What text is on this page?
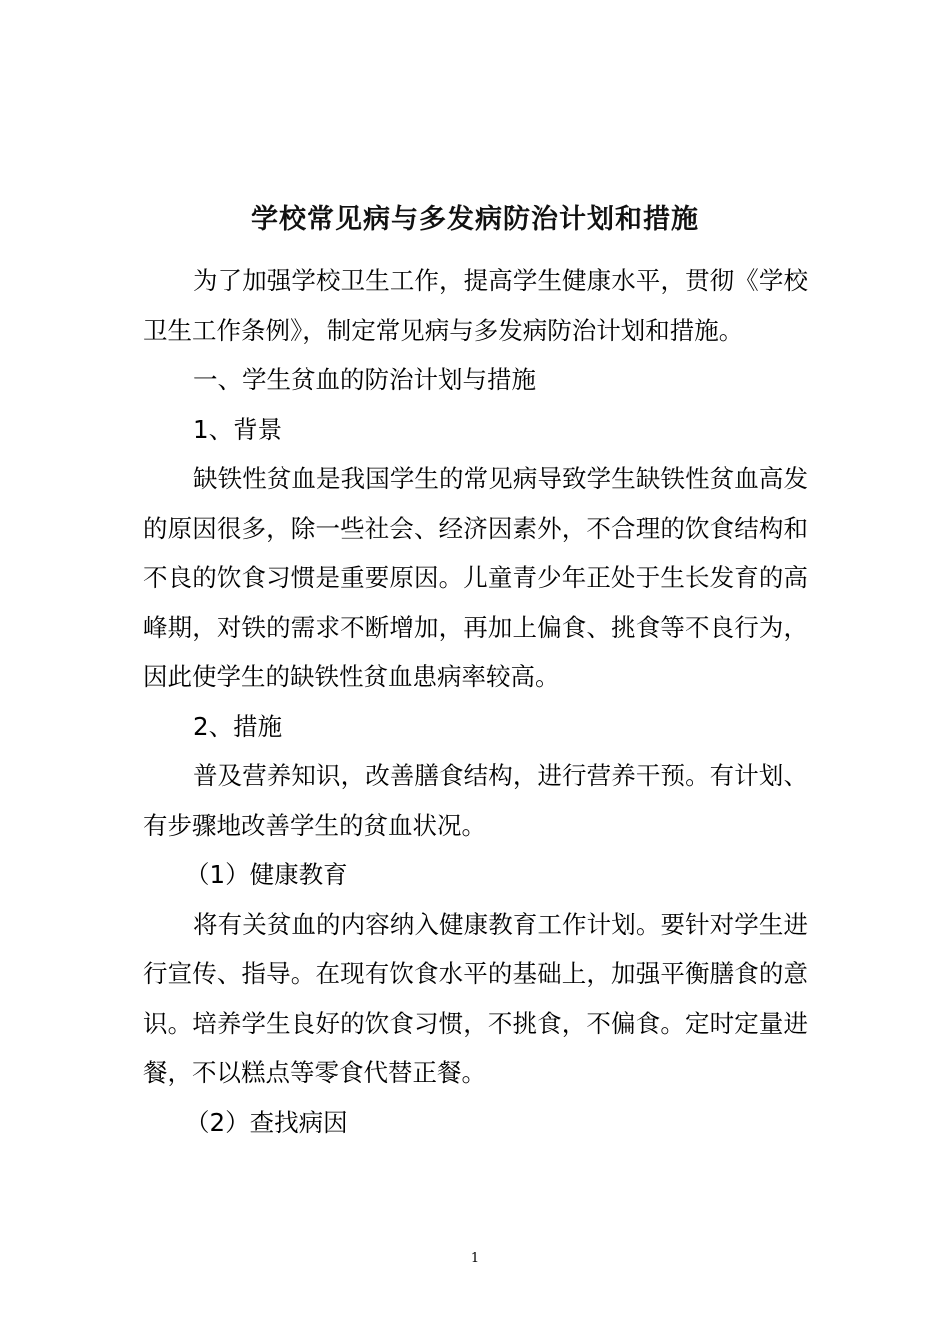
学校常见病与多发病防治计划和措施

为了加强学校卫生工作，提高学生健康水平，贯彻《学校卫生工作条例》，制定常见病与多发病防治计划和措施。

一、学生贫血的防治计划与措施

1、背景

缺铁性贫血是我国学生的常见病导致学生缺铁性贫血高发的原因很多，除一些社会、经济因素外，不合理的饮食结构和不良的饮食习惯是重要原因。儿童青少年正处于生长发育的高峰期，对铁的需求不断增加，再加上偏食、挑食等不良行为，因此使学生的缺铁性贫血患病率较高。

2、措施

普及营养知识，改善膳食结构，进行营养干预。有计划、有步骤地改善学生的贫血状况。

（1）健康教育

将有关贫血的内容纳入健康教育工作计划。要针对学生进行宣传、指导。在现有饮食水平的基础上，加强平衡膳食的意识。培养学生良好的饮食习惯，不挑食，不偏食。定时定量进餐，不以糕点等零食代替正餐。

（2）查找病因

1
